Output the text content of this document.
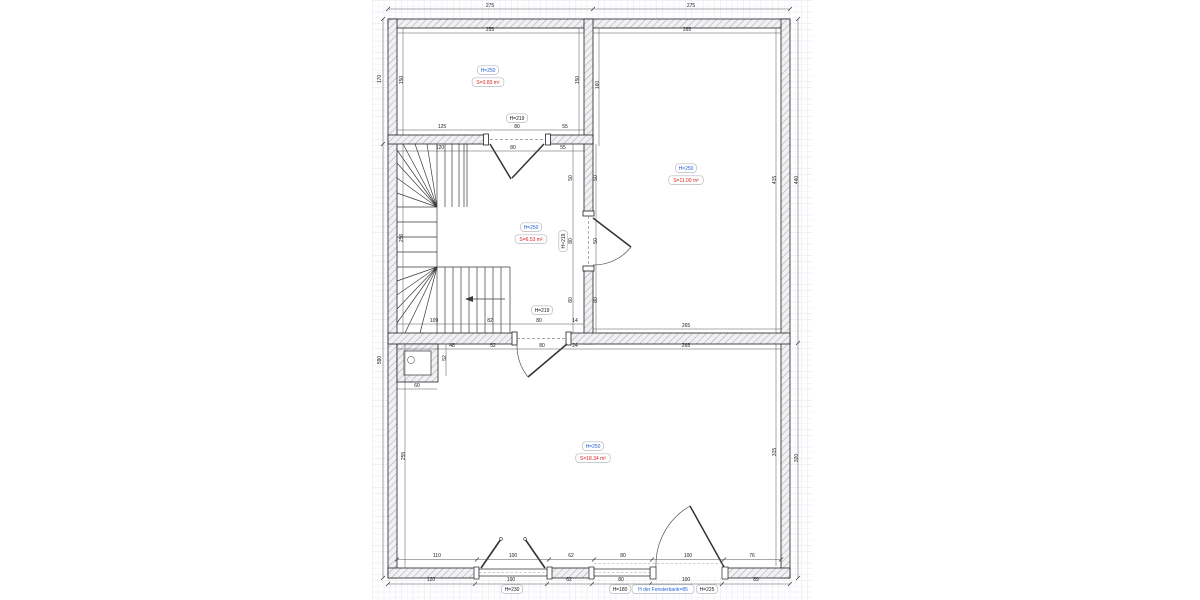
275	275
255	265
170
590
150
256
255
150
160
415	440
315
320
125	80	55
120	80	55
50
80
80
50
50
80
109	82	80	14
48	52	80	24
265
265
60
52
110	100	62	80	100	76
120	100	62	80	100	89
H=219
H=219
H=219
H=230	H=180 H der Fensterbank=85 H=225
H=250
S=3.83 m²
H=250
S=11.00 m²
H=250
S=6.53 m²
H=250
S=18.34 m²
